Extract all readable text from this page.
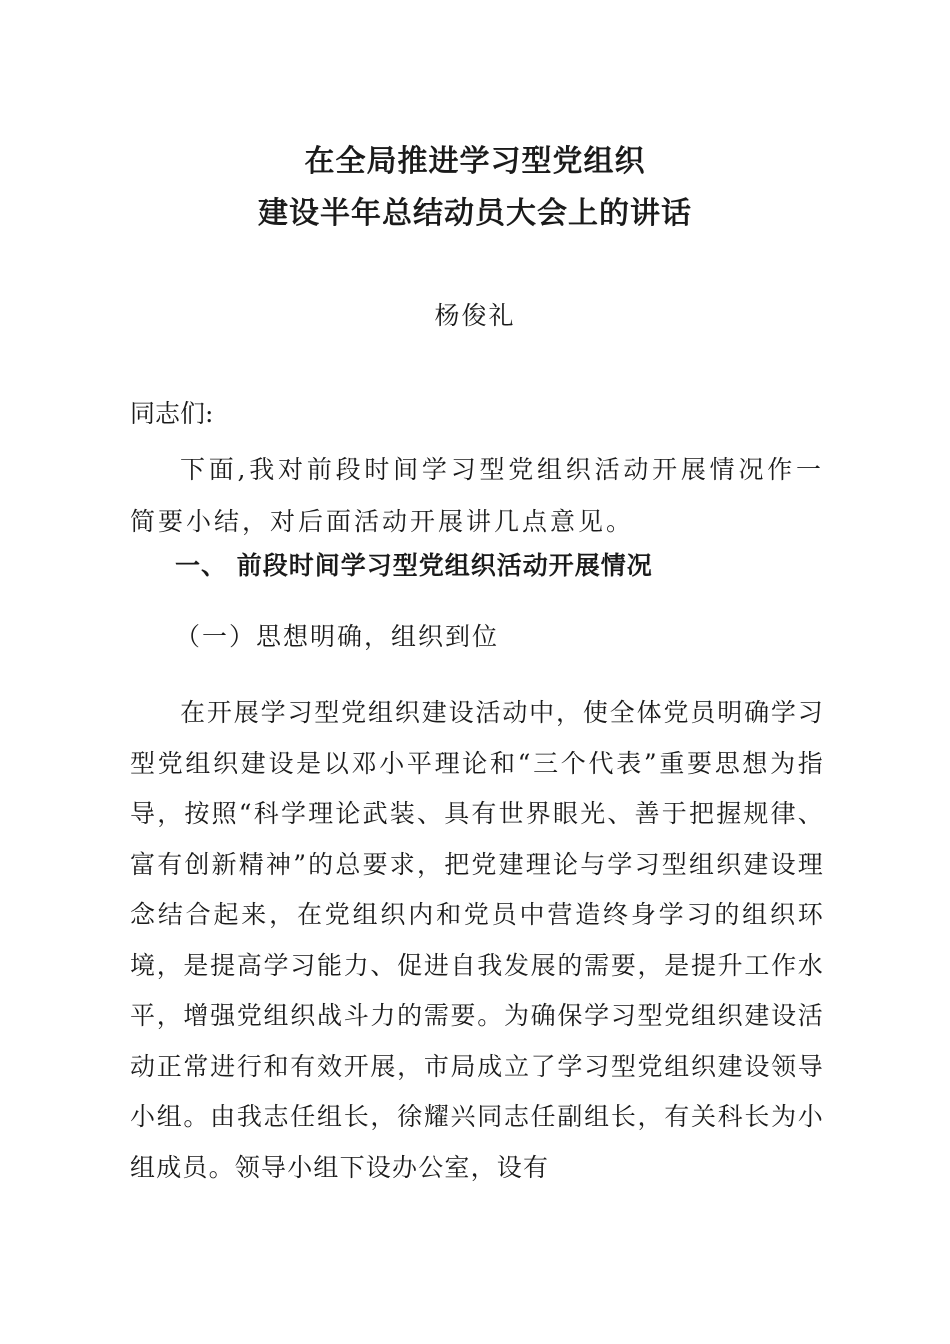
在全局推进学习型党组织
建设半年总结动员大会上的讲话
杨俊礼
同志们:

下面,我对前段时间学习型党组织活动开展情况作一简要小结，对后面活动开展讲几点意见。

一、 前段时间学习型党组织活动开展情况
（一）思想明确，组织到位

在开展学习型党组织建设活动中，使全体党员明确学习型党组织建设是以邓小平理论和“三个代表”重要思想为指导，按照“科学理论武装、具有世界眼光、善于把握规律、富有创新精神”的总要求，把党建理论与学习型组织建设理念结合起来，在党组织内和党员中营造终身学习的组织环境，是提高学习能力、促进自我发展的需要，是提升工作水平，增强党组织战斗力的需要。为确保学习型党组织建设活动正常进行和有效开展，市局成立了学习型党组织建设领导小组。由我志任组长，徐耀兴同志任副组长，有关科长为小组成员。领导小组下设办公室，设有
